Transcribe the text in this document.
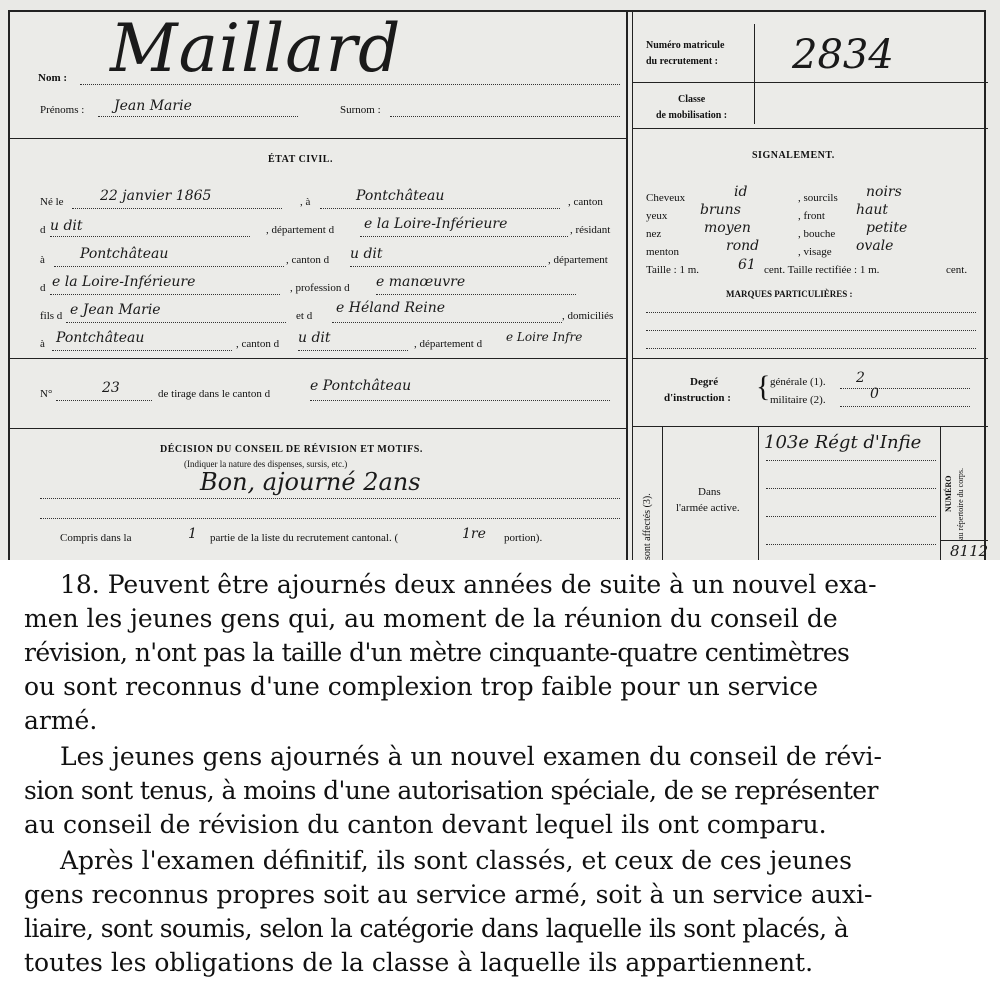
Nom : Maillard
Prénoms : Jean Marie	Surnom :
Numéro matricule
du recrutement : 2834
Classe
de mobilisation :
ÉTAT CIVIL.
Né le	22 janvier 1865	, à	Pontchâteau	, canton
d u dit	, département d e la Loire-Inférieure	, résidant
à	Pontchâteau	, canton d u dit	, département
d e la Loire-Inférieure	, profession d e manœuvre
fils d e Jean Marie	et d e Héland Reine	, domiciliés
à Pontchâteau	, canton d u dit	, département d e Loire Infre
N°	23	de tirage dans le canton d	e Pontchâteau
DÉCISION DU CONSEIL DE RÉVISION ET MOTIFS.
(Indiquer la nature des dispenses, sursis, etc.)
Bon, ajourné 2ans
Compris dans la	1 partie de la liste du recrutement cantonal. (	1re portion).
SIGNALEMENT.
Cheveux	id	, sourcils noirs
yeux bruns	, front haut
nez	moyen	, bouche petite
menton	rond	, visage ovale
Taille : 1 m.	61 cent. Taille rectifiée : 1 m.	cent.
MARQUES PARTICULIÈRES :
Degré
d'instruction : { générale (1). 2
militaire (2).	0
sont affectés (3).
Dans
l'armée active.
103e Régt d'Infie
NUMÉRO au répertoire du corps.
8112
18. Peuvent être ajournés deux années de suite à un nouvel exa-
men les jeunes gens qui, au moment de la réunion du conseil de
révision, n'ont pas la taille d'un mètre cinquante-quatre centimètres
ou sont reconnus d'une complexion trop faible pour un service
armé.
Les jeunes gens ajournés à un nouvel examen du conseil de révi-
sion sont tenus, à moins d'une autorisation spéciale, de se représenter
au conseil de révision du canton devant lequel ils ont comparu.
Après l'examen définitif, ils sont classés, et ceux de ces jeunes
gens reconnus propres soit au service armé, soit à un service auxi-
liaire, sont soumis, selon la catégorie dans laquelle ils sont placés, à
toutes les obligations de la classe à laquelle ils appartiennent.
